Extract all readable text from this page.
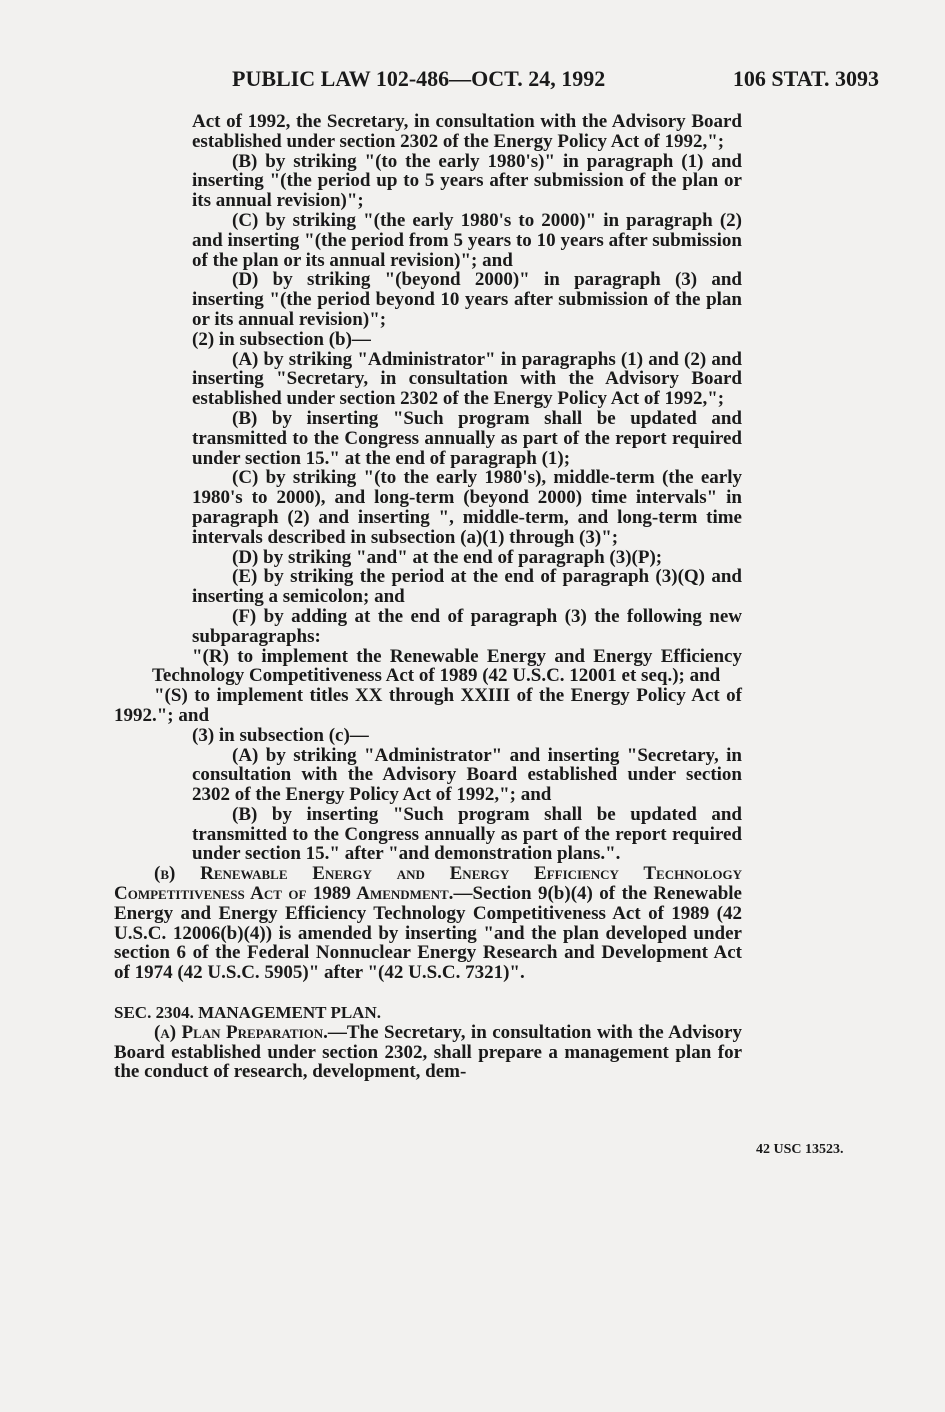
PUBLIC LAW 102-486—OCT. 24, 1992	106 STAT. 3093

Act of 1992, the Secretary, in consultation with the Advisory Board established under section 2302 of the Energy Policy Act of 1992,";

(B) by striking "(to the early 1980's)" in paragraph (1) and inserting "(the period up to 5 years after submission of the plan or its annual revision)";

(C) by striking "(the early 1980's to 2000)" in paragraph (2) and inserting "(the period from 5 years to 10 years after submission of the plan or its annual revision)"; and

(D) by striking "(beyond 2000)" in paragraph (3) and inserting "(the period beyond 10 years after submission of the plan or its annual revision)";

(2) in subsection (b)—

(A) by striking "Administrator" in paragraphs (1) and (2) and inserting "Secretary, in consultation with the Advisory Board established under section 2302 of the Energy Policy Act of 1992,";

(B) by inserting "Such program shall be updated and transmitted to the Congress annually as part of the report required under section 15." at the end of paragraph (1);

(C) by striking "(to the early 1980's), middle-term (the early 1980's to 2000), and long-term (beyond 2000) time intervals" in paragraph (2) and inserting ", middle-term, and long-term time intervals described in subsection (a)(1) through (3)";

(D) by striking "and" at the end of paragraph (3)(P);

(E) by striking the period at the end of paragraph (3)(Q) and inserting a semicolon; and

(F) by adding at the end of paragraph (3) the following new subparagraphs:

"(R) to implement the Renewable Energy and Energy Efficiency Technology Competitiveness Act of 1989 (42 U.S.C. 12001 et seq.); and

"(S) to implement titles XX through XXIII of the Energy Policy Act of 1992."; and

(3) in subsection (c)—

(A) by striking "Administrator" and inserting "Secretary, in consultation with the Advisory Board established under section 2302 of the Energy Policy Act of 1992,"; and

(B) by inserting "Such program shall be updated and transmitted to the Congress annually as part of the report required under section 15." after "and demonstration plans.".

(b) Renewable Energy and Energy Efficiency Technology Competitiveness Act of 1989 Amendment.—Section 9(b)(4) of the Renewable Energy and Energy Efficiency Technology Competitiveness Act of 1989 (42 U.S.C. 12006(b)(4)) is amended by inserting "and the plan developed under section 6 of the Federal Nonnuclear Energy Research and Development Act of 1974 (42 U.S.C. 5905)" after "(42 U.S.C. 7321)".

SEC. 2304. MANAGEMENT PLAN.

(a) Plan Preparation.—The Secretary, in consultation with the Advisory Board established under section 2302, shall prepare a management plan for the conduct of research, development, dem-

42 USC 13523.
